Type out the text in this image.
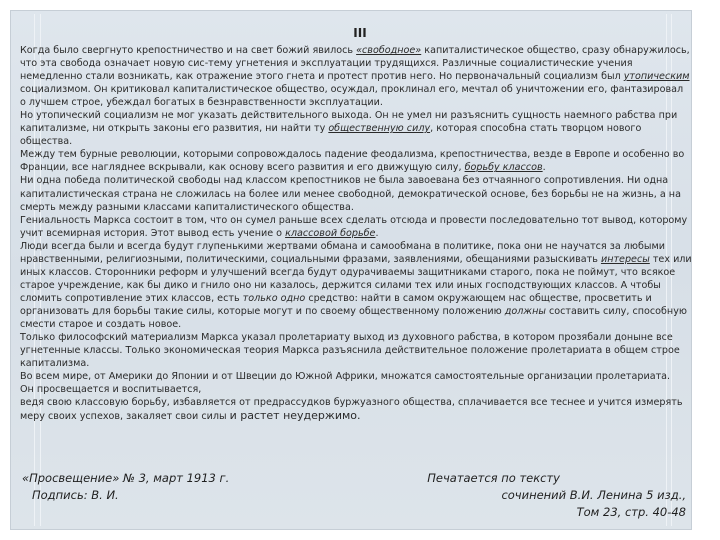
III

Когда было свергнуто крепостничество и на свет божий явилось «свободное» капиталистическое общество, сразу обнаружилось, что эта свобода означает новую сис-тему угнетения и эксплуатации трудящихся. Различные социалистические учения немедленно стали возникать, как отражение этого гнета и протест против него. Но первоначальный социализм был утопическим социализмом. Он критиковал капиталистическое общество, осуждал, проклинал его, мечтал об уничтожении его, фантазировал о лучшем строе, убеждал богатых в безнравственности эксплуатации.

Но утопический социализм не мог указать действительного выхода. Он не умел ни разъяснить сущность наемного рабства при капитализме, ни открыть законы его развития, ни найти ту общественную силу, которая способна стать творцом нового общества.

Между тем бурные революции, которыми сопровождалось падение феодализма, крепостничества, везде в Европе и особенно во Франции, все нагляднее вскрывали, как основу всего развития и его движущую силу, борьбу классов.

Ни одна победа политической свободы над классом крепостников не была завоевана без отчаянного сопротивления. Ни одна капиталистическая страна не сложилась на более или менее свободной, демократической основе, без борьбы не на жизнь, а на смерть между разными классами капиталистического общества.

Гениальность Маркса состоит в том, что он сумел раньше всех сделать отсюда и провести последовательно тот вывод, которому учит всемирная история. Этот вывод есть учение о классовой борьбе.

Люди всегда были и всегда будут глупенькими жертвами обмана и самообмана в политике, пока они не научатся за любыми нравственными, религиозными, политическими, социальными фразами, заявлениями, обещаниями разыскивать интересы тех или иных классов. Сторонники реформ и улучшений всегда будут одурачиваемы защитниками старого, пока не поймут, что всякое старое учреждение, как бы дико и гнило оно ни казалось, держится силами тех или иных господствующих классов. А чтобы сломить сопротивление этих классов, есть только одно средство: найти в самом окружающем нас обществе, просветить и организовать для борьбы такие силы, которые могут и по своему общественному положению должны составить силу, способную смести старое и создать новое.

Только философский материализм Маркса указал пролетариату выход из духовного рабства, в котором прозябали доныне все угнетенные классы. Только экономическая теория Маркса разъяснила действительное положение пролетариата в общем строе капитализма.

Во всем мире, от Америки до Японии и от Швеции до Южной Африки, множатся самостоятельные организации пролетариата.

Он просвещается и воспитывается,

ведя свою классовую борьбу, избавляется от предрассудков буржуазного общества, сплачивается все теснее и учится измерять меру своих успехов, закаляет свои силы и растет неудержимо.

«Просвещение» № 3, март 1913 г.
Подпись: В. И.
Печатается по тексту
сочинений В.И. Ленина 5 изд.,
Том 23, стр. 40-48
